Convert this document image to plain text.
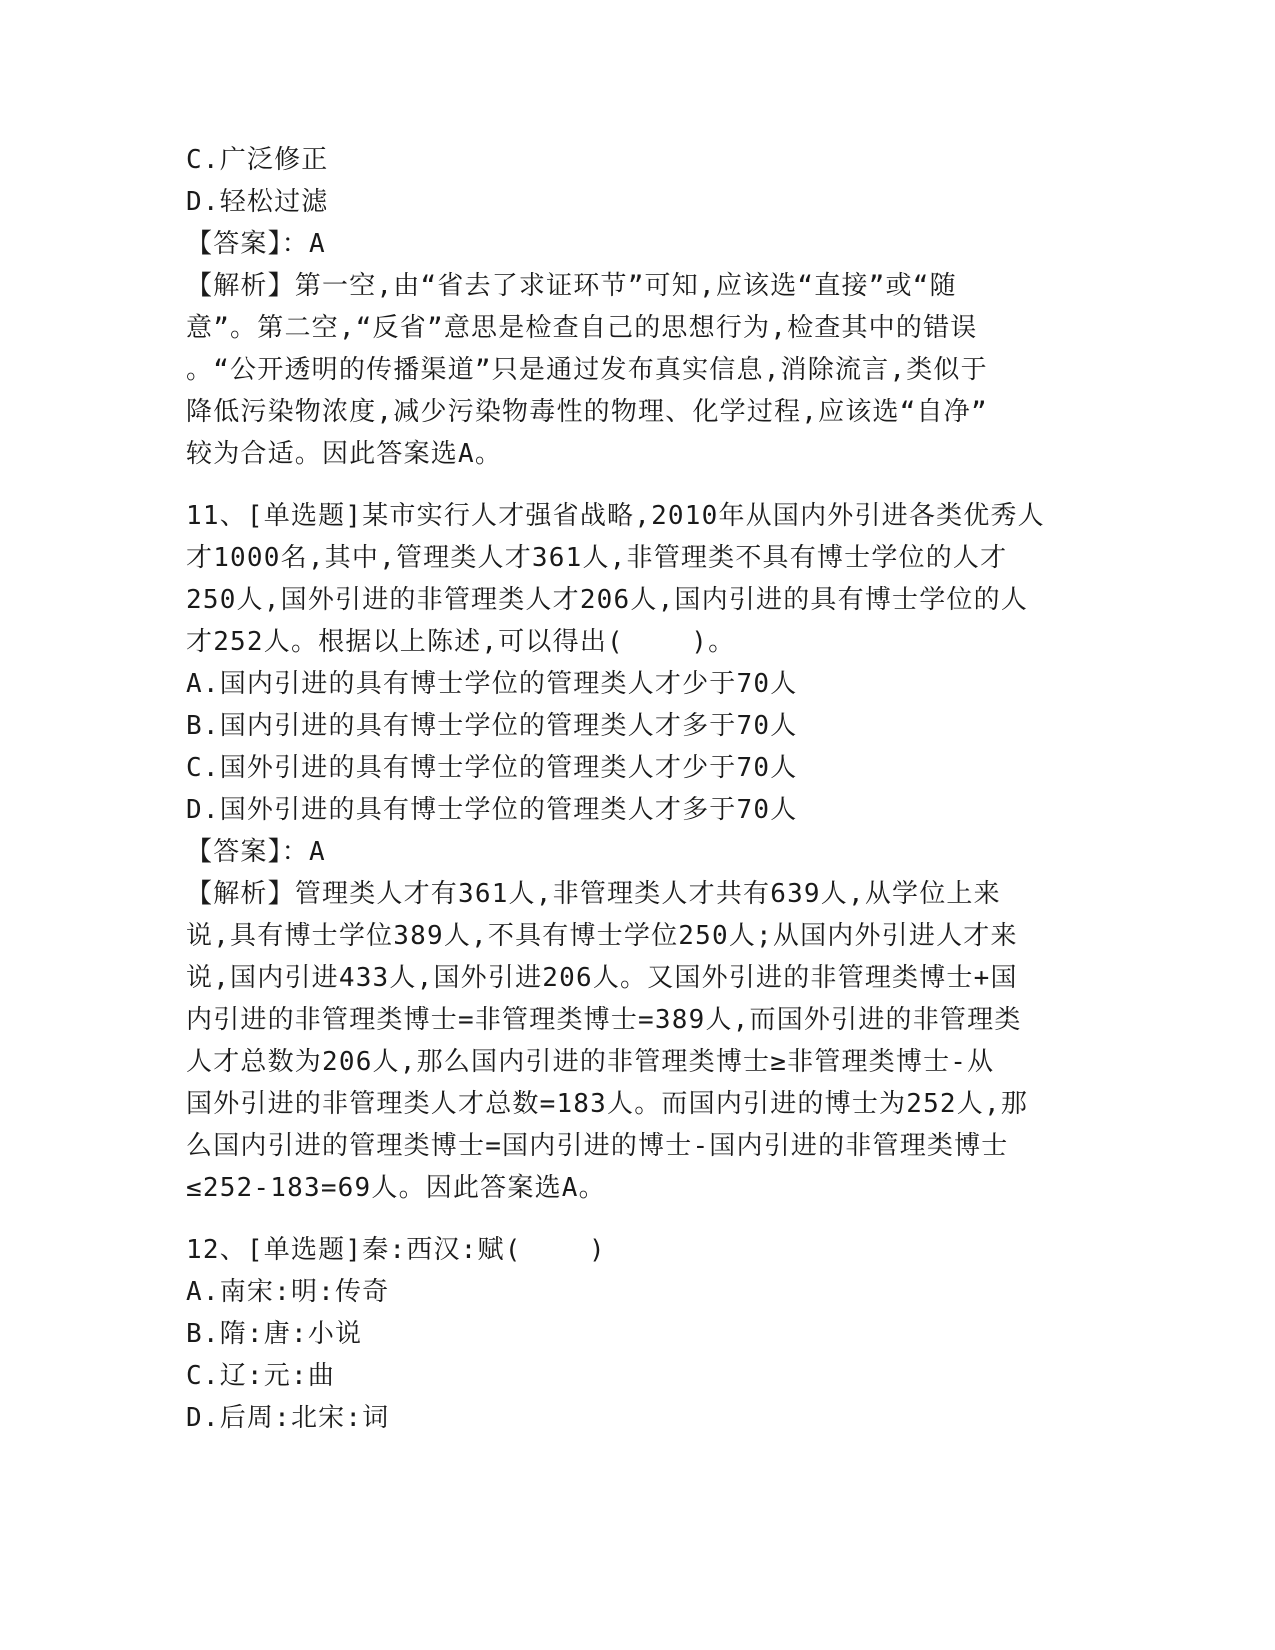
C.广泛修正
D.轻松过滤
【答案】：A
【解析】第一空,由“省去了求证环节”可知,应该选“直接”或“随
意”。第二空,“反省”意思是检查自己的思想行为,检查其中的错误
。“公开透明的传播渠道”只是通过发布真实信息,消除流言,类似于
降低污染物浓度,减少污染物毒性的物理、化学过程,应该选“自净”
较为合适。因此答案选A。
11、[单选题]某市实行人才强省战略,2010年从国内外引进各类优秀人
才1000名,其中,管理类人才361人,非管理类不具有博士学位的人才
250人,国外引进的非管理类人才206人,国内引进的具有博士学位的人
才252人。根据以上陈述,可以得出(    )。
A.国内引进的具有博士学位的管理类人才少于70人
B.国内引进的具有博士学位的管理类人才多于70人
C.国外引进的具有博士学位的管理类人才少于70人
D.国外引进的具有博士学位的管理类人才多于70人
【答案】：A
【解析】管理类人才有361人,非管理类人才共有639人,从学位上来
说,具有博士学位389人,不具有博士学位250人;从国内外引进人才来
说,国内引进433人,国外引进206人。又国外引进的非管理类博士+国
内引进的非管理类博士=非管理类博士=389人,而国外引进的非管理类
人才总数为206人,那么国内引进的非管理类博士≥非管理类博士-从
国外引进的非管理类人才总数=183人。而国内引进的博士为252人,那
么国内引进的管理类博士=国内引进的博士-国内引进的非管理类博士
≤252-183=69人。因此答案选A。
12、[单选题]秦:西汉:赋(    )
A.南宋:明:传奇
B.隋:唐:小说
C.辽:元:曲
D.后周:北宋:词
